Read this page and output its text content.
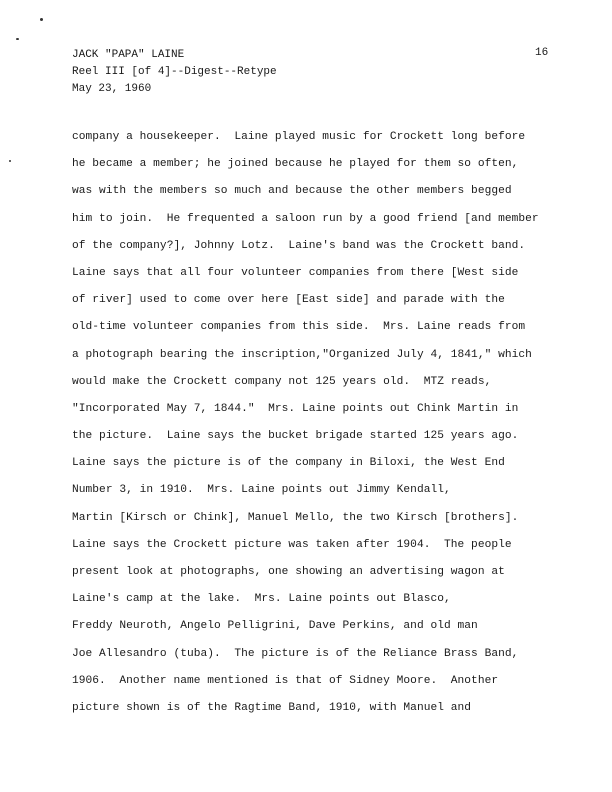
JACK "PAPA" LAINE
Reel III [of 4]--Digest--Retype
May 23, 1960
16
company a housekeeper.  Laine played music for Crockett long before
he became a member; he joined because he played for them so often,
was with the members so much and because the other members begged
him to join.  He frequented a saloon run by a good friend [and member
of the company?], Johnny Lotz.  Laine's band was the Crockett band.
Laine says that all four volunteer companies from there [West side
of river] used to come over here [East side] and parade with the
old-time volunteer companies from this side.  Mrs. Laine reads from
a photograph bearing the inscription,"Organized July 4, 1841," which
would make the Crockett company not 125 years old.  MTZ reads,
"Incorporated May 7, 1844."  Mrs. Laine points out Chink Martin in
the picture.  Laine says the bucket brigade started 125 years ago.
Laine says the picture is of the company in Biloxi, the West End
Number 3, in 1910.  Mrs. Laine points out Jimmy Kendall,
Martin [Kirsch or Chink], Manuel Mello, the two Kirsch [brothers].
Laine says the Crockett picture was taken after 1904.  The people
present look at photographs, one showing an advertising wagon at
Laine's camp at the lake.  Mrs. Laine points out Blasco,
Freddy Neuroth, Angelo Pelligrini, Dave Perkins, and old man
Joe Allesandro (tuba).  The picture is of the Reliance Brass Band,
1906.  Another name mentioned is that of Sidney Moore.  Another
picture shown is of the Ragtime Band, 1910, with Manuel and
